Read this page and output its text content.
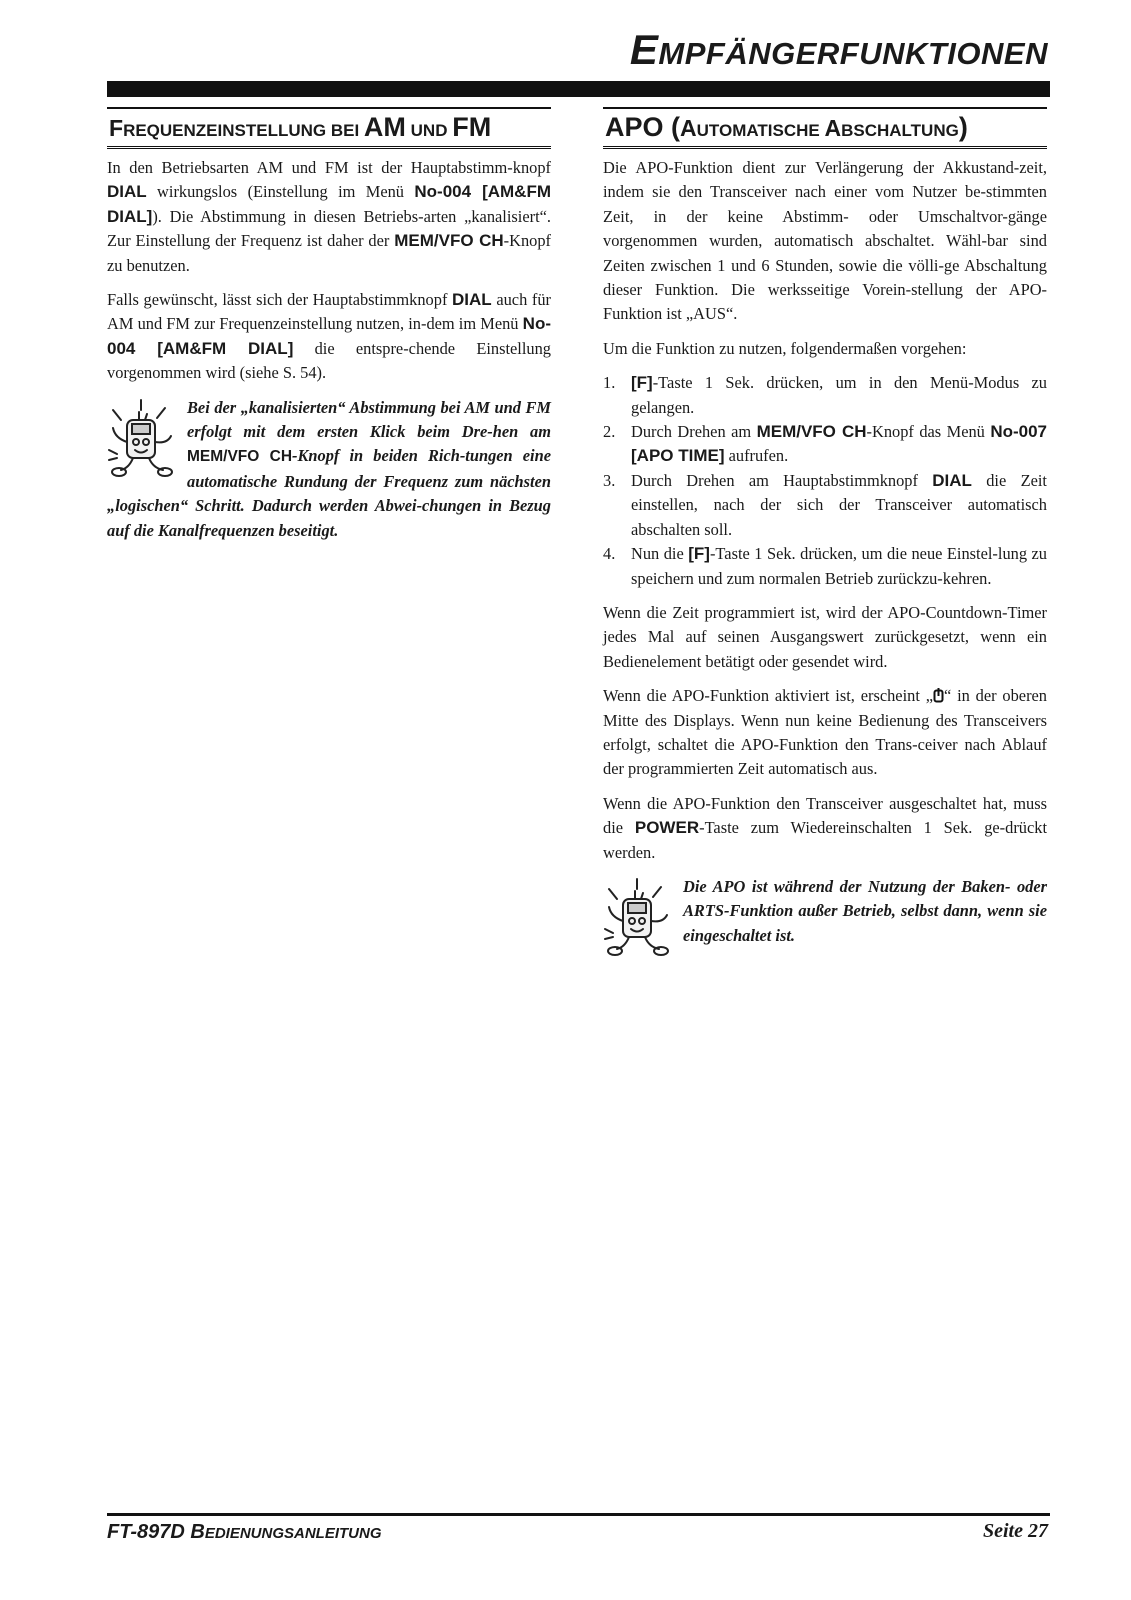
EMPFÄNGERFUNKTIONEN
FREQUENZEINSTELLUNG BEI AM UND FM

In den Betriebsarten AM und FM ist der Hauptabstimm-knopf DIAL wirkungslos (Einstellung im Menü No-004 [AM&FM DIAL]). Die Abstimmung in diesen Betriebs-arten „kanalisiert“. Zur Einstellung der Frequenz ist daher der MEM/VFO CH-Knopf zu benutzen.

Falls gewünscht, lässt sich der Hauptabstimmknopf DIAL auch für AM und FM zur Frequenzeinstellung nutzen, in-dem im Menü No-004 [AM&FM DIAL] die entspre-chende Einstellung vorgenommen wird (siehe S. 54).

Bei der „kanalisierten“ Abstimmung bei AM und FM erfolgt mit dem ersten Klick beim Dre-hen am MEM/VFO CH-Knopf in beiden Rich-tungen eine automatische Rundung der Frequenz zum nächsten „logischen“ Schritt. Dadurch werden Abwei-chungen in Bezug auf die Kanalfrequenzen beseitigt.
APO (AUTOMATISCHE ABSCHALTUNG)

Die APO-Funktion dient zur Verlängerung der Akkustand-zeit, indem sie den Transceiver nach einer vom Nutzer be-stimmten Zeit, in der keine Abstimm- oder Umschaltvor-gänge vorgenommen wurden, automatisch abschaltet. Wähl-bar sind Zeiten zwischen 1 und 6 Stunden, sowie die völli-ge Abschaltung dieser Funktion. Die werksseitige Vorein-stellung der APO-Funktion ist „AUS“.

Um die Funktion zu nutzen, folgendermaßen vorgehen:

1. [F]-Taste 1 Sek. drücken, um in den Menü-Modus zu gelangen.
2. Durch Drehen am MEM/VFO CH-Knopf das Menü No-007 [APO TIME] aufrufen.
3. Durch Drehen am Hauptabstimmknopf DIAL die Zeit einstellen, nach der sich der Transceiver automatisch abschalten soll.
4. Nun die [F]-Taste 1 Sek. drücken, um die neue Einstel-lung zu speichern und zum normalen Betrieb zurückzu-kehren.

Wenn die Zeit programmiert ist, wird der APO-Countdown-Timer jedes Mal auf seinen Ausgangswert zurückgesetzt, wenn ein Bedienelement betätigt oder gesendet wird.

Wenn die APO-Funktion aktiviert ist, erscheint „ “ in der oberen Mitte des Displays. Wenn nun keine Bedienung des Transceivers erfolgt, schaltet die APO-Funktion den Trans-ceiver nach Ablauf der programmierten Zeit automatisch aus.

Wenn die APO-Funktion den Transceiver ausgeschaltet hat, muss die POWER-Taste zum Wiedereinschalten 1 Sek. ge-drückt werden.

Die APO ist während der Nutzung der Baken- oder ARTS-Funktion außer Betrieb, selbst dann, wenn sie eingeschaltet ist.
FT-897D BEDIENUNGSANLEITUNG	Seite 27
